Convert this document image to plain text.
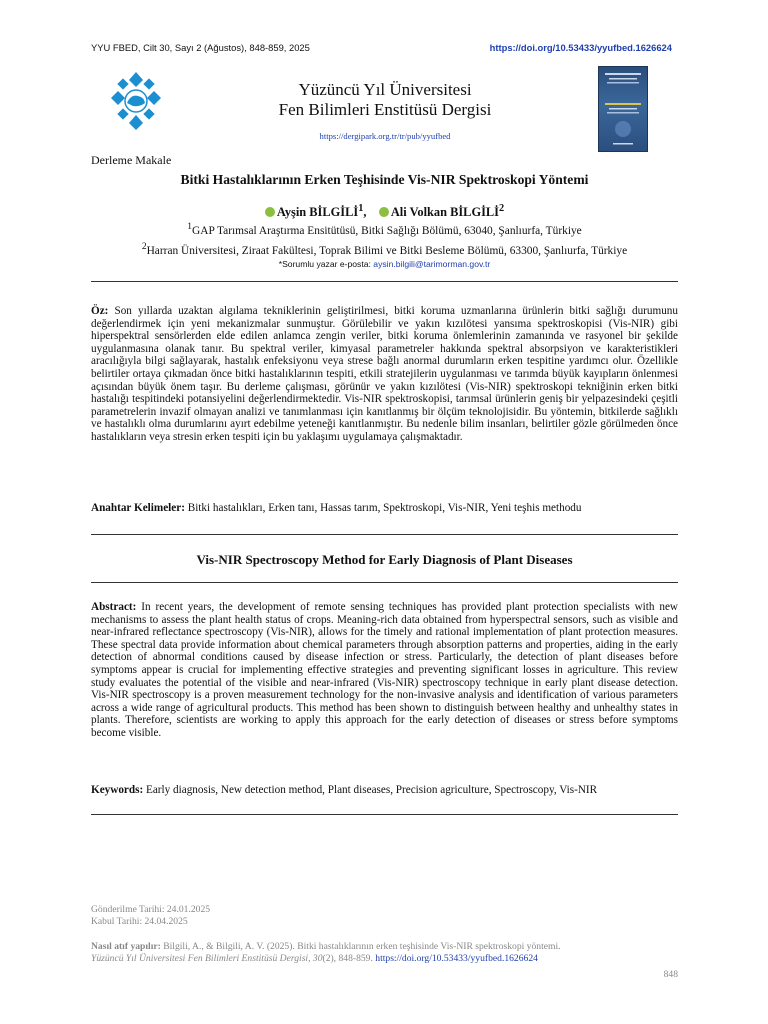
YYU FBED, Cilt 30, Sayı 2 (Ağustos), 848-859, 2025	https://doi.org/10.53433/yyufbed.1626624
Yüzüncü Yıl Üniversitesi
Fen Bilimleri Enstitüsü Dergisi
https://dergipark.org.tr/tr/pub/yyufbed
Derleme Makale
Bitki Hastalıklarının Erken Teşhisinde Vis-NIR Spektroskopi Yöntemi
Ayşin BİLGİLİ$^1$, Ali Volkan BİLGİLİ$^2$
$^1$GAP Tarımsal Araştırma Ensitütüsü, Bitki Sağlığı Bölümü, 63040, Şanlıurfa, Türkiye
$^2$Harran Üniversitesi, Ziraat Fakültesi, Toprak Bilimi ve Bitki Besleme Bölümü, 63300, Şanlıurfa, Türkiye
*Sorumlu yazar e-posta: aysin.bilgili@tarimorman.gov.tr
Öz: Son yıllarda uzaktan algılama tekniklerinin geliştirilmesi, bitki koruma uzmanlarına ürünlerin bitki sağlığı durumunu değerlendirmek için yeni mekanizmalar sunmuştur. Görülebilir ve yakın kızılötesi yansıma spektroskopisi (Vis-NIR) gibi hiperspektral sensörlerden elde edilen anlamca zengin veriler, bitki koruma önlemlerinin zamanında ve rasyonel bir şekilde uygulanmasına olanak tanır. Bu spektral veriler, kimyasal parametreler hakkında spektral absorpsiyon ve karakteristikleri aracılığıyla bilgi sağlayarak, hastalık enfeksiyonu veya strese bağlı anormal durumların erken tespitine yardımcı olur. Özellikle belirtiler ortaya çıkmadan önce bitki hastalıklarının tespiti, etkili stratejilerin uygulanması ve tarımda büyük kayıpların önlenmesi açısından büyük önem taşır. Bu derleme çalışması, görünür ve yakın kızılötesi (Vis-NIR) spektroskopi tekniğinin erken bitki hastalığı tespitindeki potansiyelini değerlendirmektedir. Vis-NIR spektroskopisi, tarımsal ürünlerin geniş bir yelpazesindeki çeşitli parametrelerin invazif olmayan analizi ve tanımlanması için kanıtlanmış bir ölçüm teknolojisidir. Bu yöntemin, bitkilerde sağlıklı ve hastalıklı olma durumlarını ayırt edebilme yeteneği kanıtlanmıştır. Bu nedenle bilim insanları, belirtiler gözle görülmeden önce hastalıkların veya stresin erken tespiti için bu yaklaşımı uygulamaya çalışmaktadır.
Anahtar Kelimeler: Bitki hastalıkları, Erken tanı, Hassas tarım, Spektroskopi, Vis-NIR, Yeni teşhis methodu
Vis-NIR Spectroscopy Method for Early Diagnosis of Plant Diseases
Abstract: In recent years, the development of remote sensing techniques has provided plant protection specialists with new mechanisms to assess the plant health status of crops. Meaning-rich data obtained from hyperspectral sensors, such as visible and near-infrared reflectance spectroscopy (Vis-NIR), allows for the timely and rational implementation of plant protection measures. These spectral data provide information about chemical parameters through absorption patterns and properties, aiding in the early detection of abnormal conditions caused by disease infection or stress. Particularly, the detection of plant diseases before symptoms appear is crucial for implementing effective strategies and preventing significant losses in agriculture. This review study evaluates the potential of the visible and near-infrared (Vis-NIR) spectroscopy technique in early plant disease detection. Vis-NIR spectroscopy is a proven measurement technology for the non-invasive analysis and identification of various parameters across a wide range of agricultural products. This method has been shown to distinguish between healthy and unhealthy states in plants. Therefore, scientists are working to apply this approach for the early detection of diseases or stress before symptoms become visible.
Keywords: Early diagnosis, New detection method, Plant diseases, Precision agriculture, Spectroscopy, Vis-NIR
Gönderilme Tarihi: 24.01.2025
Kabul Tarihi: 24.04.2025
Nasıl atıf yapılır: Bilgili, A., & Bilgili, A. V. (2025). Bitki hastalıklarının erken teşhisinde Vis-NIR spektroskopi yöntemi.
Yüzüncü Yıl Üniversitesi Fen Bilimleri Enstitüsü Dergisi, 30(2), 848-859. https://doi.org/10.53433/yyufbed.1626624
848
